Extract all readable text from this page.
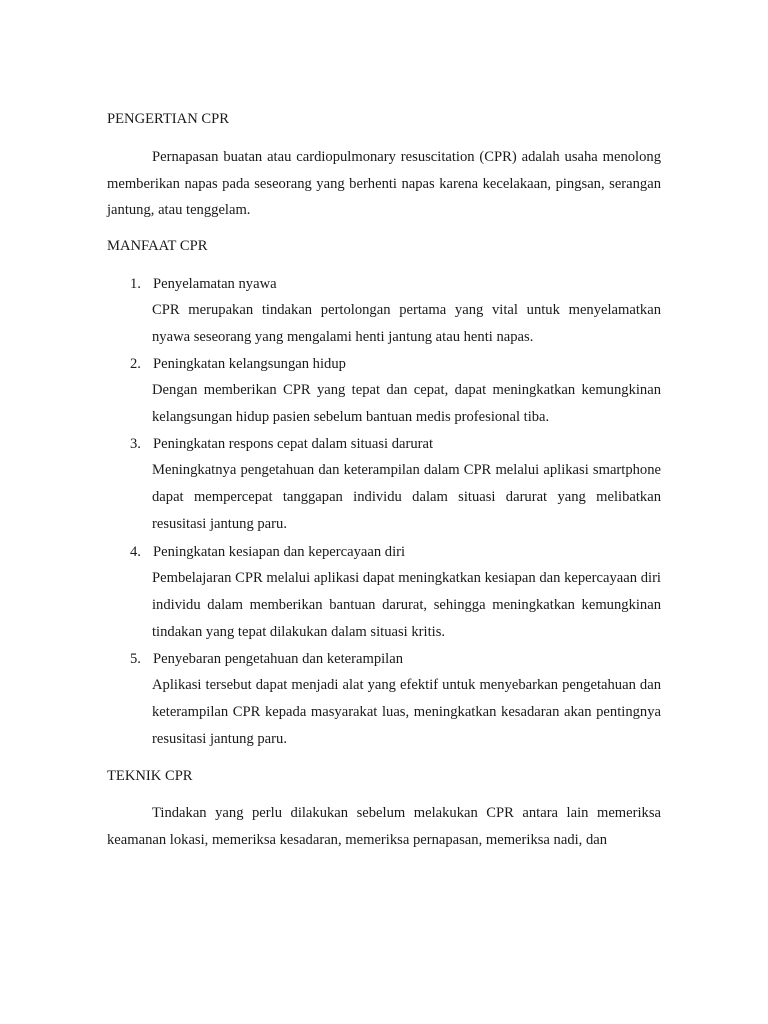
PENGERTIAN CPR

Pernapasan buatan atau cardiopulmonary resuscitation (CPR) adalah usaha menolong memberikan napas pada seseorang yang berhenti napas karena kecelakaan, pingsan, serangan jantung, atau tenggelam.

MANFAAT CPR
1. Penyelamatan nyawa

CPR merupakan tindakan pertolongan pertama yang vital untuk menyelamatkan nyawa seseorang yang mengalami henti jantung atau henti napas.

2. Peningkatan kelangsungan hidup

Dengan memberikan CPR yang tepat dan cepat, dapat meningkatkan kemungkinan kelangsungan hidup pasien sebelum bantuan medis profesional tiba.

3. Peningkatan respons cepat dalam situasi darurat

Meningkatnya pengetahuan dan keterampilan dalam CPR melalui aplikasi smartphone dapat mempercepat tanggapan individu dalam situasi darurat yang melibatkan resusitasi jantung paru.

4. Peningkatan kesiapan dan kepercayaan diri

Pembelajaran CPR melalui aplikasi dapat meningkatkan kesiapan dan kepercayaan diri individu dalam memberikan bantuan darurat, sehingga meningkatkan kemungkinan tindakan yang tepat dilakukan dalam situasi kritis.

5. Penyebaran pengetahuan dan keterampilan

Aplikasi tersebut dapat menjadi alat yang efektif untuk menyebarkan pengetahuan dan keterampilan CPR kepada masyarakat luas, meningkatkan kesadaran akan pentingnya resusitasi jantung paru.

TEKNIK CPR

Tindakan yang perlu dilakukan sebelum melakukan CPR antara lain memeriksa keamanan lokasi, memeriksa kesadaran, memeriksa pernapasan, memeriksa nadi, dan
